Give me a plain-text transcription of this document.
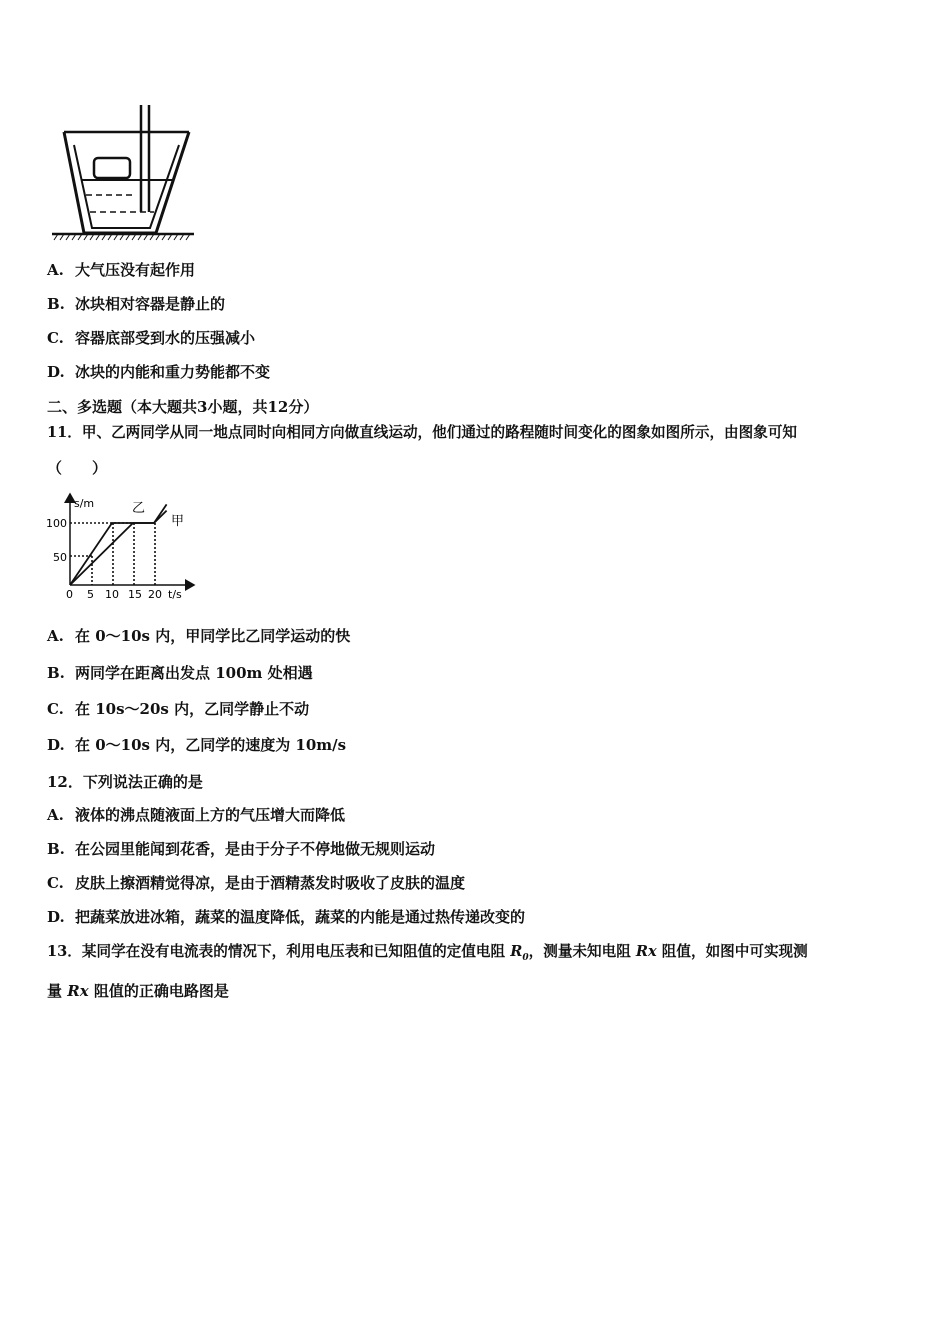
A. 大气压没有起作用
B. 冰块相对容器是静止的
C. 容器底部受到水的压强减小
D. 冰块的内能和重力势能都不变
二、多选题（本大题共3小题，共12分）
11．甲、乙两同学从同一地点同时向相同方向做直线运动，他们通过的路程随时间变化的图象如图所示，由图象可知
（　　）
s/m
t/s
100
50
0 5 10 15 20
乙
甲
A. 在 0～10s 内，甲同学比乙同学运动的快
B. 两同学在距离出发点 100m 处相遇
C. 在 10s～20s 内，乙同学静止不动
D. 在 0～10s 内，乙同学的速度为 10m/s
12．下列说法正确的是
A. 液体的沸点随液面上方的气压增大而降低
B. 在公园里能闻到花香，是由于分子不停地做无规则运动
C. 皮肤上擦酒精觉得凉，是由于酒精蒸发时吸收了皮肤的温度
D. 把蔬菜放进冰箱，蔬菜的温度降低，蔬菜的内能是通过热传递改变的
13．某同学在没有电流表的情况下，利用电压表和已知阻值的定值电阻 $R_0$，测量未知电阻 Rx 阻值，如图中可实现测
量 Rx 阻值的正确电路图是
